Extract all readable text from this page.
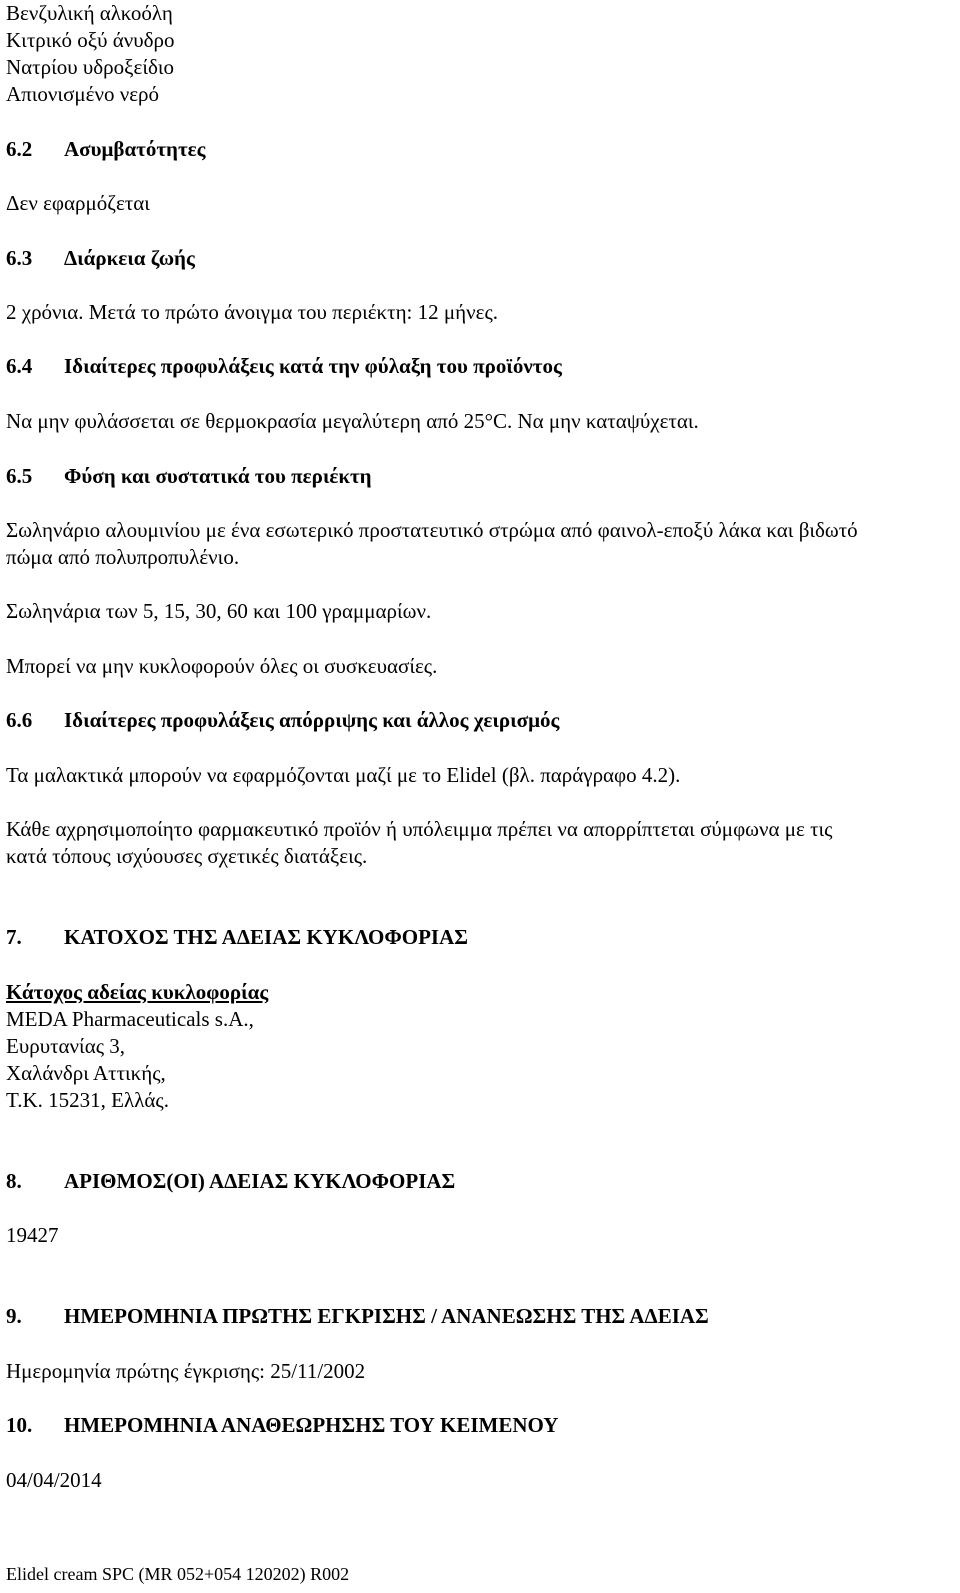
Βενζυλική αλκοόλη
Κιτρικό οξύ άνυδρο
Νατρίου υδροξείδιο
Απιονισμένο νερό
6.2 Ασυμβατότητες
Δεν εφαρμόζεται
6.3 Διάρκεια ζωής
2 χρόνια. Μετά το πρώτο άνοιγμα του περιέκτη: 12 μήνες.
6.4 Ιδιαίτερες προφυλάξεις κατά την φύλαξη του προϊόντος
Να μην φυλάσσεται σε θερμοκρασία μεγαλύτερη από 25°C. Να μην καταψύχεται.
6.5 Φύση και συστατικά του περιέκτη
Σωληνάριο αλουμινίου με ένα εσωτερικό προστατευτικό στρώμα από φαινολ-εποξύ λάκα και βιδωτό
πώμα από πολυπροπυλένιο.
Σωληνάρια των 5, 15, 30, 60 και 100 γραμμαρίων.
Μπορεί να μην κυκλοφορούν όλες οι συσκευασίες.
6.6 Ιδιαίτερες προφυλάξεις απόρριψης και άλλος χειρισμός
Τα μαλακτικά μπορούν να εφαρμόζονται μαζί με το Elidel (βλ. παράγραφο 4.2).
Κάθε αχρησιμοποίητο φαρμακευτικό προϊόν ή υπόλειμμα πρέπει να απορρίπτεται σύμφωνα με τις
κατά τόπους ισχύουσες σχετικές διατάξεις.
7. ΚΑΤΟΧΟΣ ΤΗΣ ΑΔΕΙΑΣ ΚΥΚΛΟΦΟΡΙΑΣ
Κάτοχος αδείας κυκλοφορίας
MEDA Pharmaceuticals s.A.,
Ευρυτανίας 3,
Χαλάνδρι Αττικής,
Τ.Κ. 15231, Ελλάς.
8. ΑΡΙΘΜΟΣ(ΟΙ) ΑΔΕΙΑΣ ΚΥΚΛΟΦΟΡΙΑΣ
19427
9. ΗΜΕΡΟΜΗΝΙΑ ΠΡΩΤΗΣ ΕΓΚΡΙΣΗΣ / ΑΝΑΝΕΩΣΗΣ ΤΗΣ ΑΔΕΙΑΣ
Ημερομηνία πρώτης έγκρισης: 25/11/2002
10. ΗΜΕΡΟΜΗΝΙΑ ΑΝΑΘΕΩΡΗΣΗΣ ΤΟΥ ΚΕΙΜΕΝΟΥ
04/04/2014
Elidel cream SPC (MR 052+054 120202) R002
